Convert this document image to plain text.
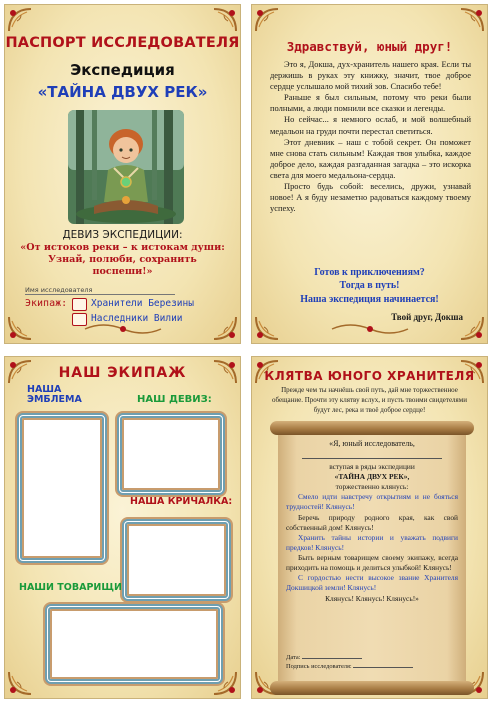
ПАСПОРТ ИССЛЕДОВАТЕЛЯ
Экспедиция
«ТАЙНА ДВУХ РЕК»
ДЕВИЗ ЭКСПЕДИЦИИ:
«От истоков реки – к истокам души: Узнай, полюби, сохранить поспеши!»
Имя исследователя
Экипаж:	Хранители Березины
Наследники Вилии
Здравствуй, юный друг!

Это я, Докша, дух-хранитель нашего края. Если ты держишь в руках эту книжку, значит, твое доброе сердце услышало мой тихий зов. Спасибо тебе!

Раньше я был сильным, потому что реки были полными, а люди помнили все сказки и легенды.

Но сейчас... я немного ослаб, и мой волшебный медальон на груди почти перестал светиться.

Этот дневник – наш с тобой секрет. Он поможет мне снова стать сильным! Каждая твоя улыбка, каждое доброе дело, каждая разгаданная загадка – это искорка света для моего медальона-сердца.

Просто будь собой: веселись, дружи, узнавай новое! А я буду незаметно радоваться каждому твоему успеху.

Готов к приключениям?
Тогда в путь!
Наша экспедиция начинается!
Твой друг, Докша
НАШ ЭКИПАЖ
НАША ЭМБЛЕМА	НАШ ДЕВИЗ:
НАША КРИЧАЛКА:
НАШИ ТОВАРИЩИ
КЛЯТВА ЮНОГО ХРАНИТЕЛЯ
Прежде чем ты начнёшь свой путь, дай мне торжественное обещание. Прочти эту клятву вслух, и пусть твоими свидетелями будут лес, река и твоё доброе сердце!
«Я, юный исследователь,
вступая в ряды экспедиции
«ТАЙНА ДВУХ РЕК»,
торжественно клянусь:
Смело идти навстречу открытиям и не бояться трудностей! Клянусь!
Беречь природу родного края, как свой собственный дом! Клянусь!
Хранить тайны истории и уважать подвиги предков! Клянусь!
Быть верным товарищем своему экипажу, всегда приходить на помощь и делиться улыбкой! Клянусь!
С гордостью нести высокое звание Хранителя Докшицкой земли! Клянусь!
Клянусь! Клянусь! Клянусь!»
Дата:
Подпись исследователя:
